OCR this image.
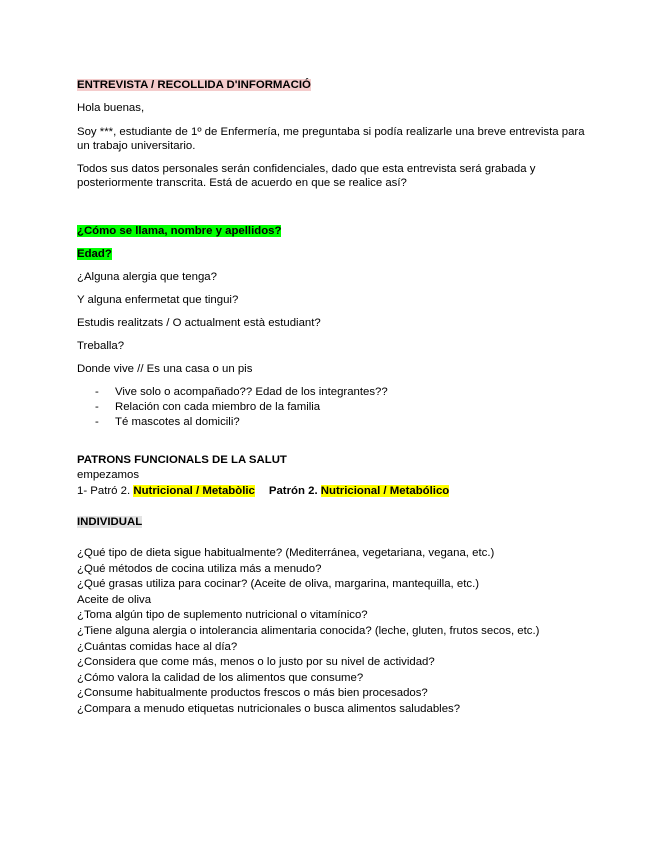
ENTREVISTA / RECOLLIDA D'INFORMACIÓ
Hola buenas,
Soy ***, estudiante de 1º de Enfermería, me preguntaba si podía realizarle una breve entrevista para un trabajo universitario.
Todos sus datos personales serán confidenciales, dado que esta entrevista será grabada y posteriormente transcrita. Está de acuerdo en que se realice así?
¿Cómo se llama, nombre y apellidos?
Edad?
¿Alguna alergia que tenga?
Y alguna enfermetat que tingui?
Estudis realitzats / O actualment està estudiant?
Treballa?
Donde vive // Es una casa o un pis
- Vive solo o acompañado?? Edad de los integrantes??
- Relación con cada miembro de la familia
- Té mascotes al domicili?
PATRONS FUNCIONALS DE LA SALUT
empezamos
1- Patró 2. Nutricional / Metabòlic Patrón 2. Nutricional / Metabólico
INDIVIDUAL
¿Qué tipo de dieta sigue habitualmente? (Mediterránea, vegetariana, vegana, etc.)
¿Qué métodos de cocina utiliza más a menudo?
¿Qué grasas utiliza para cocinar? (Aceite de oliva, margarina, mantequilla, etc.)
Aceite de oliva
¿Toma algún tipo de suplemento nutricional o vitamínico?
¿Tiene alguna alergia o intolerancia alimentaria conocida? (leche, gluten, frutos secos, etc.)
¿Cuántas comidas hace al día?
¿Considera que come más, menos o lo justo por su nivel de actividad?
¿Cómo valora la calidad de los alimentos que consume?
¿Consume habitualmente productos frescos o más bien procesados?
¿Compara a menudo etiquetas nutricionales o busca alimentos saludables?
